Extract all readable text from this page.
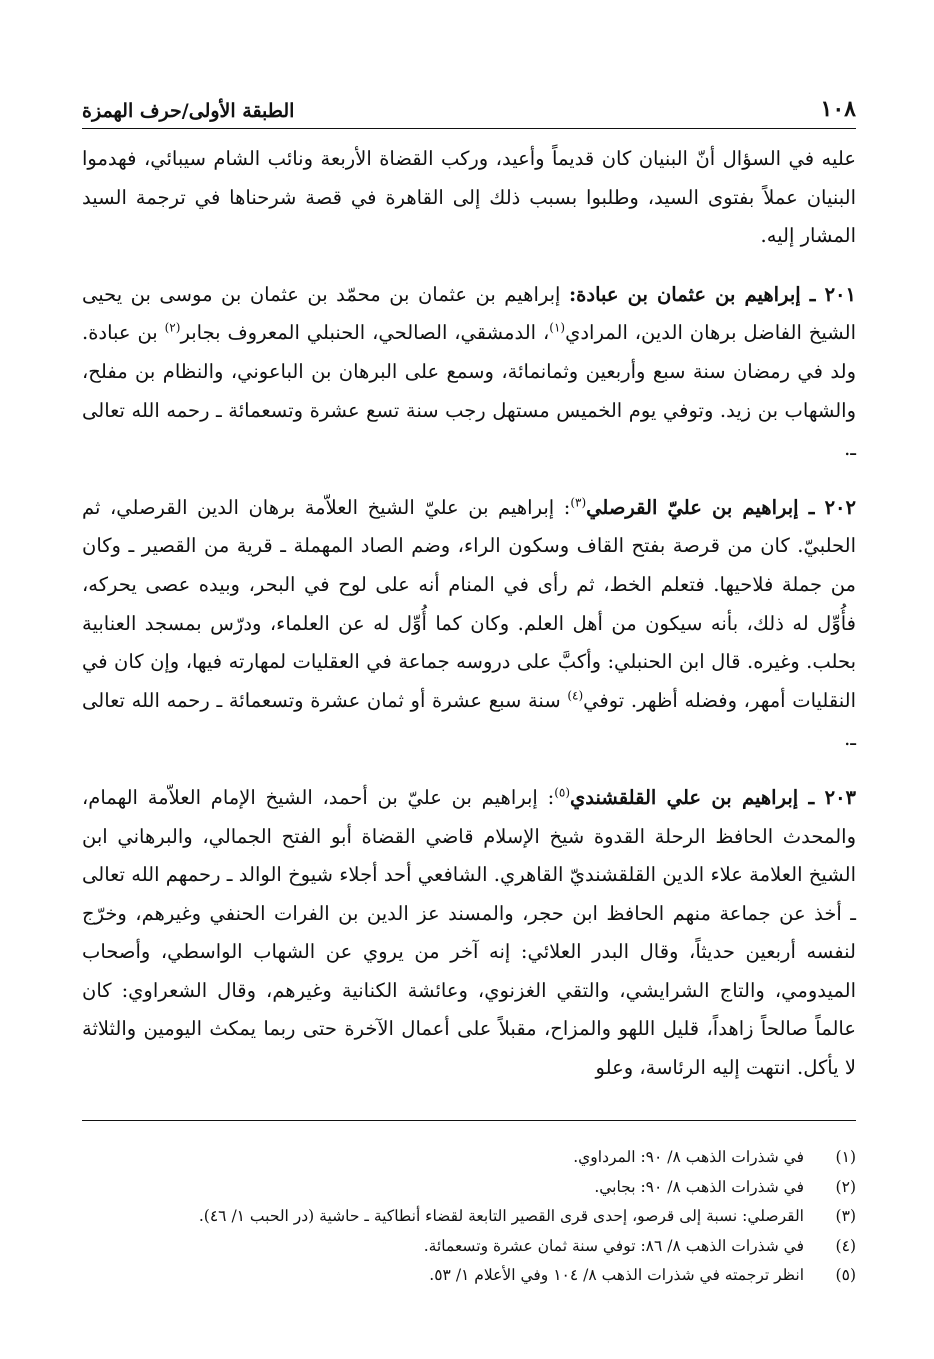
١٠٨
الطبقة الأولى/حرف الهمزة

عليه في السؤال أنّ البنيان كان قديماً وأعيد، وركب القضاة الأربعة ونائب الشام سيبائي، فهدموا البنيان عملاً بفتوى السيد، وطلبوا بسبب ذلك إلى القاهرة في قصة شرحناها في ترجمة السيد المشار إليه.

٢٠١ ـ إبراهيم بن عثمان بن عبادة: إبراهيم بن عثمان بن محمّد بن عثمان بن موسى بن يحيى الشيخ الفاضل برهان الدين، المرادي$^{(١)}$، الدمشقي، الصالحي، الحنبلي المعروف بجابر$^{(٢)}$ بن عبادة. ولد في رمضان سنة سبع وأربعين وثمانمائة، وسمع على البرهان بن الباعوني، والنظام بن مفلح، والشهاب بن زيد. وتوفي يوم الخميس مستهل رجب سنة تسع عشرة وتسعمائة ـ رحمه الله تعالى ـ.

٢٠٢ ـ إبراهيم بن عليّ القرصلي$^{(٣)}$: إبراهيم بن عليّ الشيخ العلاّمة برهان الدين القرصلي، ثم الحلبيّ. كان من قرصة بفتح القاف وسكون الراء، وضم الصاد المهملة ـ قرية من القصير ـ وكان من جملة فلاحيها. فتعلم الخط، ثم رأى في المنام أنه على لوح في البحر، وبيده عصى يحركه، فأُوِّل له ذلك، بأنه سيكون من أهل العلم. وكان كما أُوِّل له عن العلماء، ودرّس بمسجد العنابية بحلب. وغيره. قال ابن الحنبلي: وأكبَّ على دروسه جماعة في العقليات لمهارته فيها، وإن كان في النقليات أمهر، وفضله أظهر. توفي$^{(٤)}$ سنة سبع عشرة أو ثمان عشرة وتسعمائة ـ رحمه الله تعالى ـ.

٢٠٣ ـ إبراهيم بن علي القلقشندي$^{(٥)}$: إبراهيم بن عليّ بن أحمد، الشيخ الإمام العلاّمة الهمام، والمحدث الحافظ الرحلة القدوة شيخ الإسلام قاضي القضاة أبو الفتح الجمالي، والبرهاني ابن الشيخ العلامة علاء الدين القلقشنديّ القاهري. الشافعي أحد أجلاء شيوخ الوالد ـ رحمهم الله تعالى ـ أخذ عن جماعة منهم الحافظ ابن حجر، والمسند عز الدين بن الفرات الحنفي وغيرهم، وخرّج لنفسه أربعين حديثاً، وقال البدر العلائي: إنه آخر من يروي عن الشهاب الواسطي، وأصحاب الميدومي، والتاج الشرايشي، والتقي الغزنوي، وعائشة الكنانية وغيرهم، وقال الشعراوي: كان عالماً صالحاً زاهداً، قليل اللهو والمزاح، مقبلاً على أعمال الآخرة حتى ربما يمكث اليومين والثلاثة لا يأكل. انتهت إليه الرئاسة، وعلو

(١)
في شذرات الذهب ٨/ ٩٠: المرداوي.
(٢)
في شذرات الذهب ٨/ ٩٠: بجابي.
(٣)
القرصلي: نسبة إلى قرصو، إحدى قرى القصير التابعة لقضاء أنطاكية ـ حاشية (در الحبب ١/ ٤٦).
(٤)
في شذرات الذهب ٨/ ٨٦: توفي سنة ثمان عشرة وتسعمائة.
(٥)
انظر ترجمته في شذرات الذهب ٨/ ١٠٤ وفي الأعلام ١/ ٥٣.
